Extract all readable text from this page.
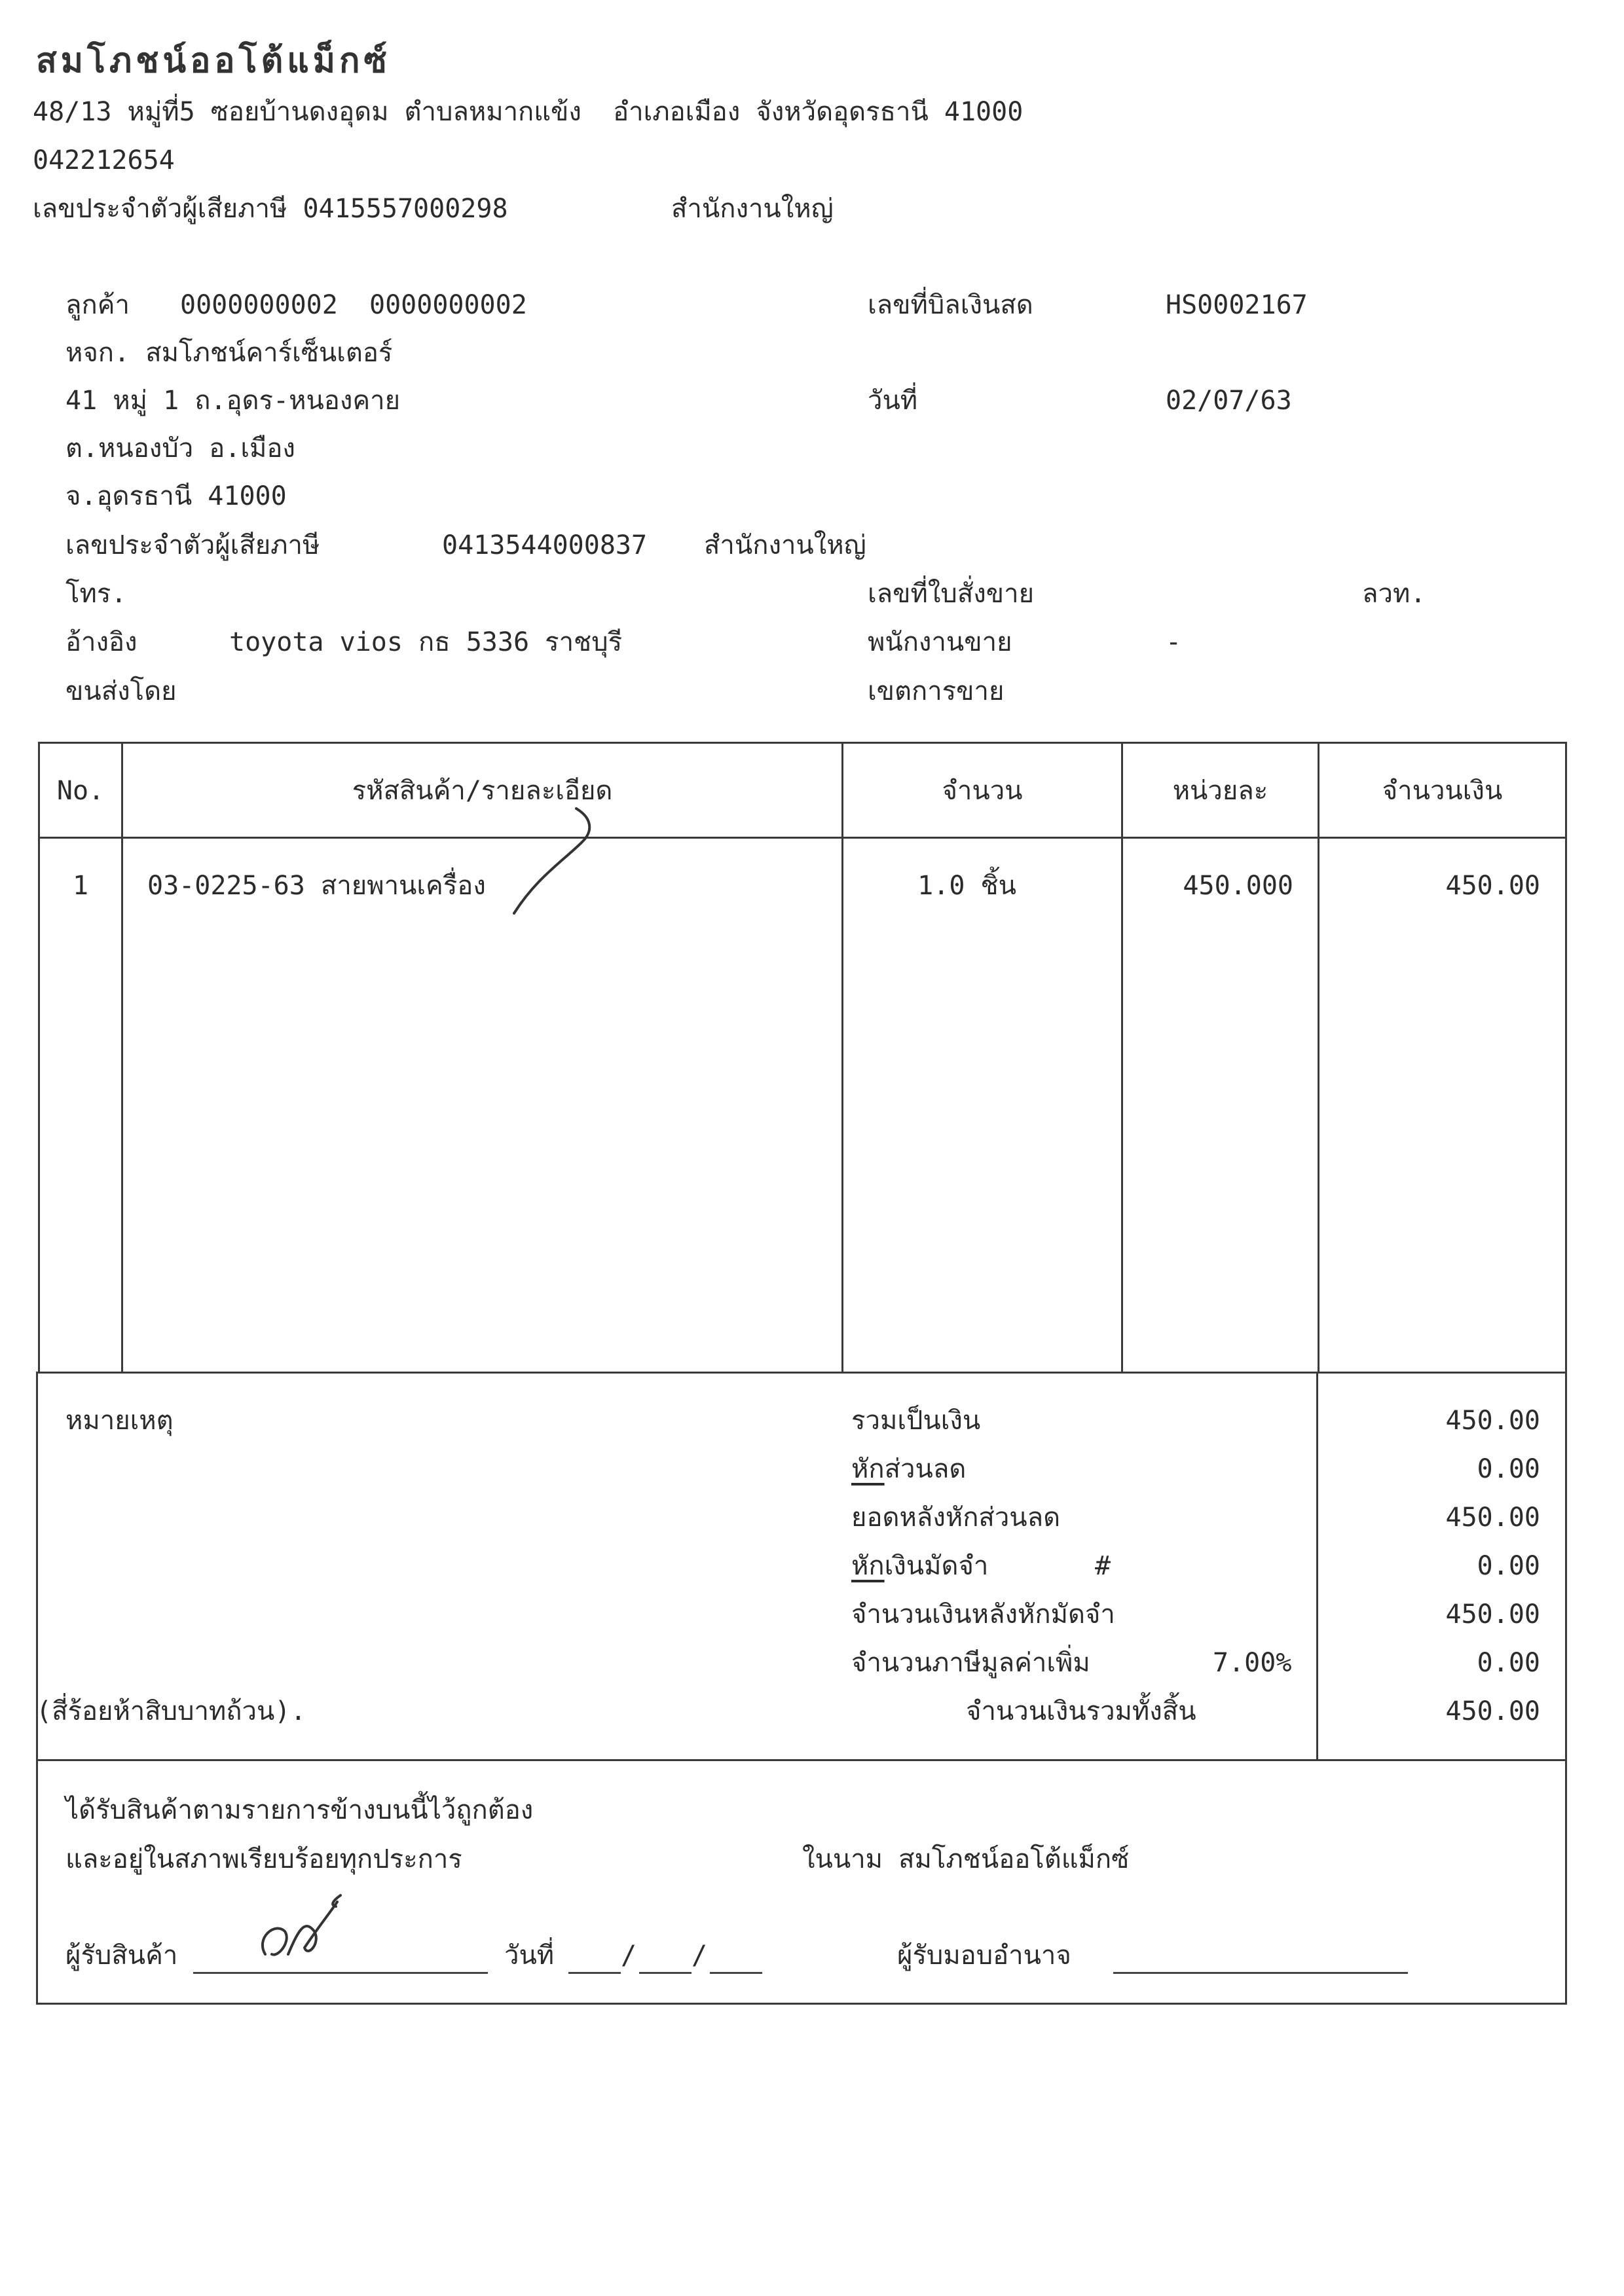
สมโภชน์ออโต้แม็กซ์
48/13 หมู่ที่5 ซอยบ้านดงอุดม ตำบลหมากแข้ง  อำเภอเมือง จังหวัดอุดรธานี 41000
042212654
เลขประจำตัวผู้เสียภาษี 0415557000298	สำนักงานใหญ่
ลูกค้า 0000000002  0000000002
หจก. สมโภชน์คาร์เซ็นเตอร์
41 หมู่ 1 ถ.อุดร-หนองคาย
ต.หนองบัว อ.เมือง
จ.อุดรธานี 41000
เลขประจำตัวผู้เสียภาษี	0413544000837 สำนักงานใหญ่
โทร.
อ้างอิง	toyota vios กธ 5336 ราชบุรี
ขนส่งโดย
เลขที่บิลเงินสด	HS0002167
วันที่	02/07/63
เลขที่ใบสั่งขาย	ลวท.
พนักงานขาย	-
เขตการขาย
No.	รหัสสินค้า/รายละเอียด	จำนวน	หน่วยละ	จำนวนเงิน
1	03-0225-63 สายพานเครื่อง	1.0 ชิ้น	450.000	450.00
หมายเหตุ	รวมเป็นเงิน	450.00
หักส่วนลด	0.00
ยอดหลังหักส่วนลด	450.00
หักเงินมัดจำ	#	0.00
จำนวนเงินหลังหักมัดจำ	450.00
จำนวนภาษีมูลค่าเพิ่ม	7.00%	0.00
(สี่ร้อยห้าสิบบาทถ้วน).	จำนวนเงินรวมทั้งสิ้น	450.00
ได้รับสินค้าตามรายการข้างบนนี้ไว้ถูกต้อง
และอยู่ในสภาพเรียบร้อยทุกประการ	ในนาม สมโภชน์ออโต้แม็กซ์
ผู้รับสินค้า	วันที่	/ /	ผู้รับมอบอำนาจ
